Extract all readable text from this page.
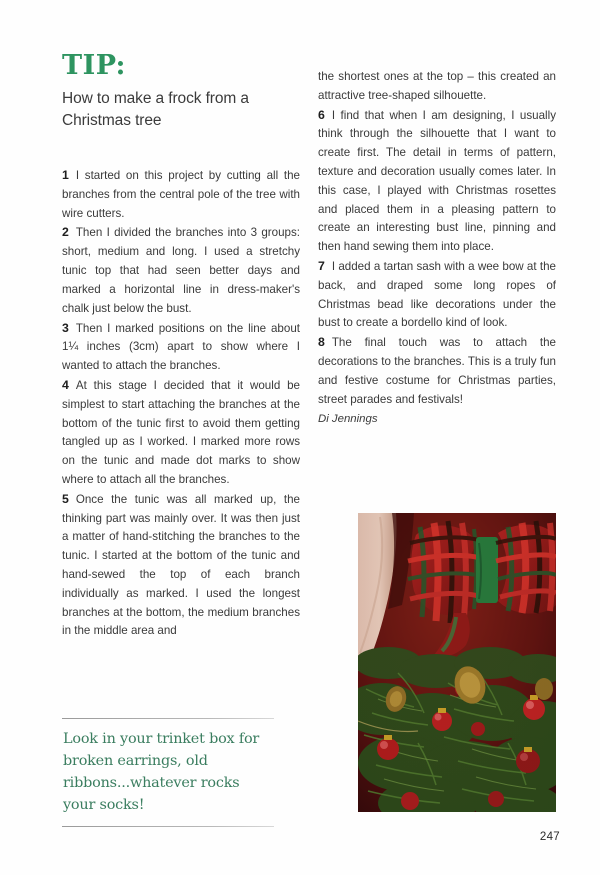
TIP:
How to make a frock from a Christmas tree

1 I started on this project by cutting all the branches from the central pole of the tree with wire cutters.

2 Then I divided the branches into 3 groups: short, medium and long. I used a stretchy tunic top that had seen better days and marked a horizontal line in dress-maker's chalk just below the bust.

3 Then I marked positions on the line about 1¼ inches (3cm) apart to show where I wanted to attach the branches.

4 At this stage I decided that it would be simplest to start attaching the branches at the bottom of the tunic first to avoid them getting tangled up as I worked. I marked more rows on the tunic and made dot marks to show where to attach all the branches.

5 Once the tunic was all marked up, the thinking part was mainly over. It was then just a matter of hand-stitching the branches to the tunic. I started at the bottom of the tunic and hand-sewed the top of each branch individually as marked. I used the longest branches at the bottom, the medium branches in the middle area and

the shortest ones at the top – this created an attractive tree-shaped silhouette.

6 I find that when I am designing, I usually think through the silhouette that I want to create first. The detail in terms of pattern, texture and decoration usually comes later. In this case, I played with Christmas rosettes and placed them in a pleasing pattern to create an interesting bust line, pinning and then hand sewing them into place.

7 I added a tartan sash with a wee bow at the back, and draped some long ropes of Christmas bead like decorations under the bust to create a bordello kind of look.

8 The final touch was to attach the decorations to the branches. This is a truly fun and festive costume for Christmas parties, street parades and festivals!

Di Jennings

Look in your trinket box for broken earrings, old ribbons...whatever rocks your socks!
247
